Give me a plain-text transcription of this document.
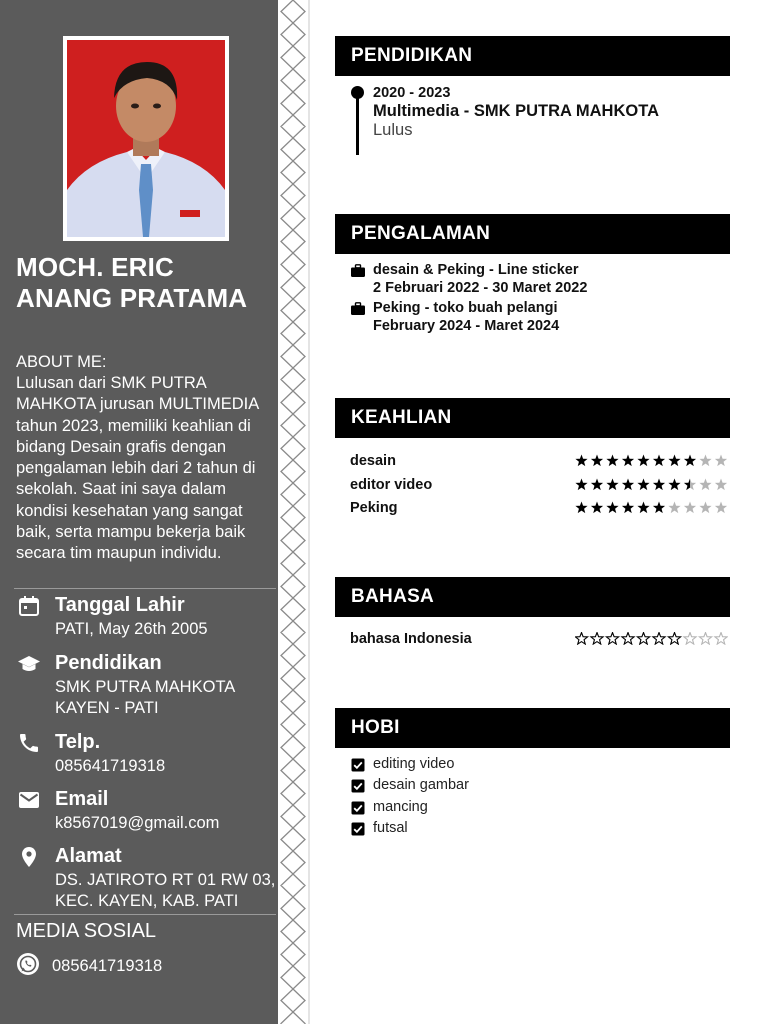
MOCH. ERIC ANANG PRATAMA
ABOUT ME:
Lulusan dari SMK PUTRA MAHKOTA jurusan MULTIMEDIA tahun 2023, memiliki keahlian di bidang Desain grafis dengan pengalaman lebih dari 2 tahun di sekolah. Saat ini saya dalam kondisi kesehatan yang sangat baik, serta mampu bekerja baik secara tim maupun individu.
Tanggal Lahir
PATI, May 26th 2005
Pendidikan
SMK PUTRA MAHKOTA KAYEN - PATI
Telp.
085641719318
Email
k8567019@gmail.com
Alamat
DS. JATIROTO RT 01 RW 03, KEC. KAYEN, KAB. PATI
MEDIA SOSIAL
085641719318
PENDIDIKAN
2020 - 2023
Multimedia - SMK PUTRA MAHKOTA
Lulus
PENGALAMAN
desain & Peking - Line sticker
2 Februari 2022 - 30 Maret 2022
Peking - toko buah pelangi
February 2024 - Maret 2024
KEAHLIAN
desain
editor video
Peking
BAHASA
bahasa Indonesia
HOBI
editing video
desain gambar
mancing
futsal
